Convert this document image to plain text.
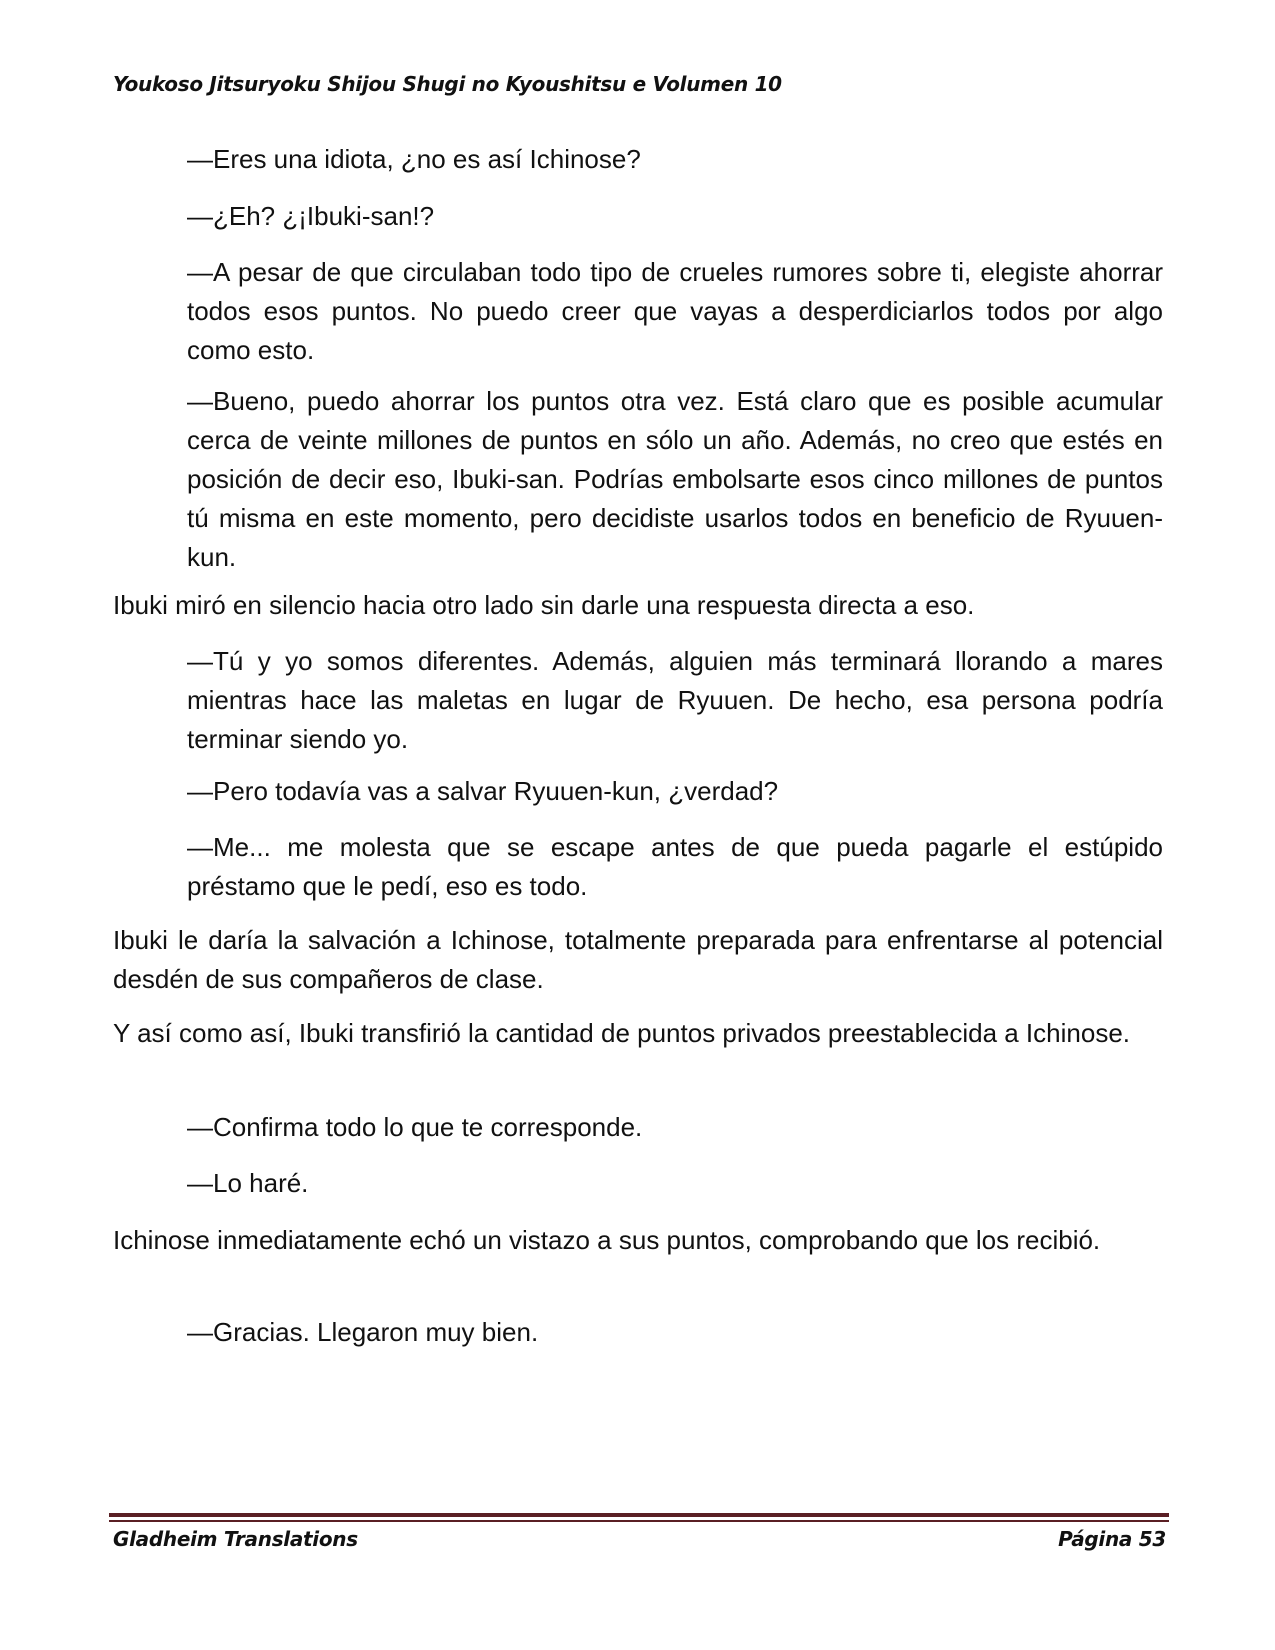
Youkoso Jitsuryoku Shijou Shugi no Kyoushitsu e Volumen 10

—Eres una idiota, ¿no es así Ichinose?

—¿Eh? ¿¡Ibuki-san!?

—A pesar de que circulaban todo tipo de crueles rumores sobre ti, elegiste ahorrar todos esos puntos. No puedo creer que vayas a desperdiciarlos todos por algo como esto.

—Bueno, puedo ahorrar los puntos otra vez. Está claro que es posible acumular cerca de veinte millones de puntos en sólo un año. Además, no creo que estés en posición de decir eso, Ibuki-san. Podrías embolsarte esos cinco millones de puntos tú misma en este momento, pero decidiste usarlos todos en beneficio de Ryuuen-kun.

Ibuki miró en silencio hacia otro lado sin darle una respuesta directa a eso.

—Tú y yo somos diferentes. Además, alguien más terminará llorando a mares mientras hace las maletas en lugar de Ryuuen. De hecho, esa persona podría terminar siendo yo.

—Pero todavía vas a salvar Ryuuen-kun, ¿verdad?

—Me... me molesta que se escape antes de que pueda pagarle el estúpido préstamo que le pedí, eso es todo.

Ibuki le daría la salvación a Ichinose, totalmente preparada para enfrentarse al potencial desdén de sus compañeros de clase.

Y así como así, Ibuki transfirió la cantidad de puntos privados preestablecida a Ichinose.

—Confirma todo lo que te corresponde.

—Lo haré.

Ichinose inmediatamente echó un vistazo a sus puntos, comprobando que los recibió.

—Gracias. Llegaron muy bien.

Gladheim Translations	Página 53
